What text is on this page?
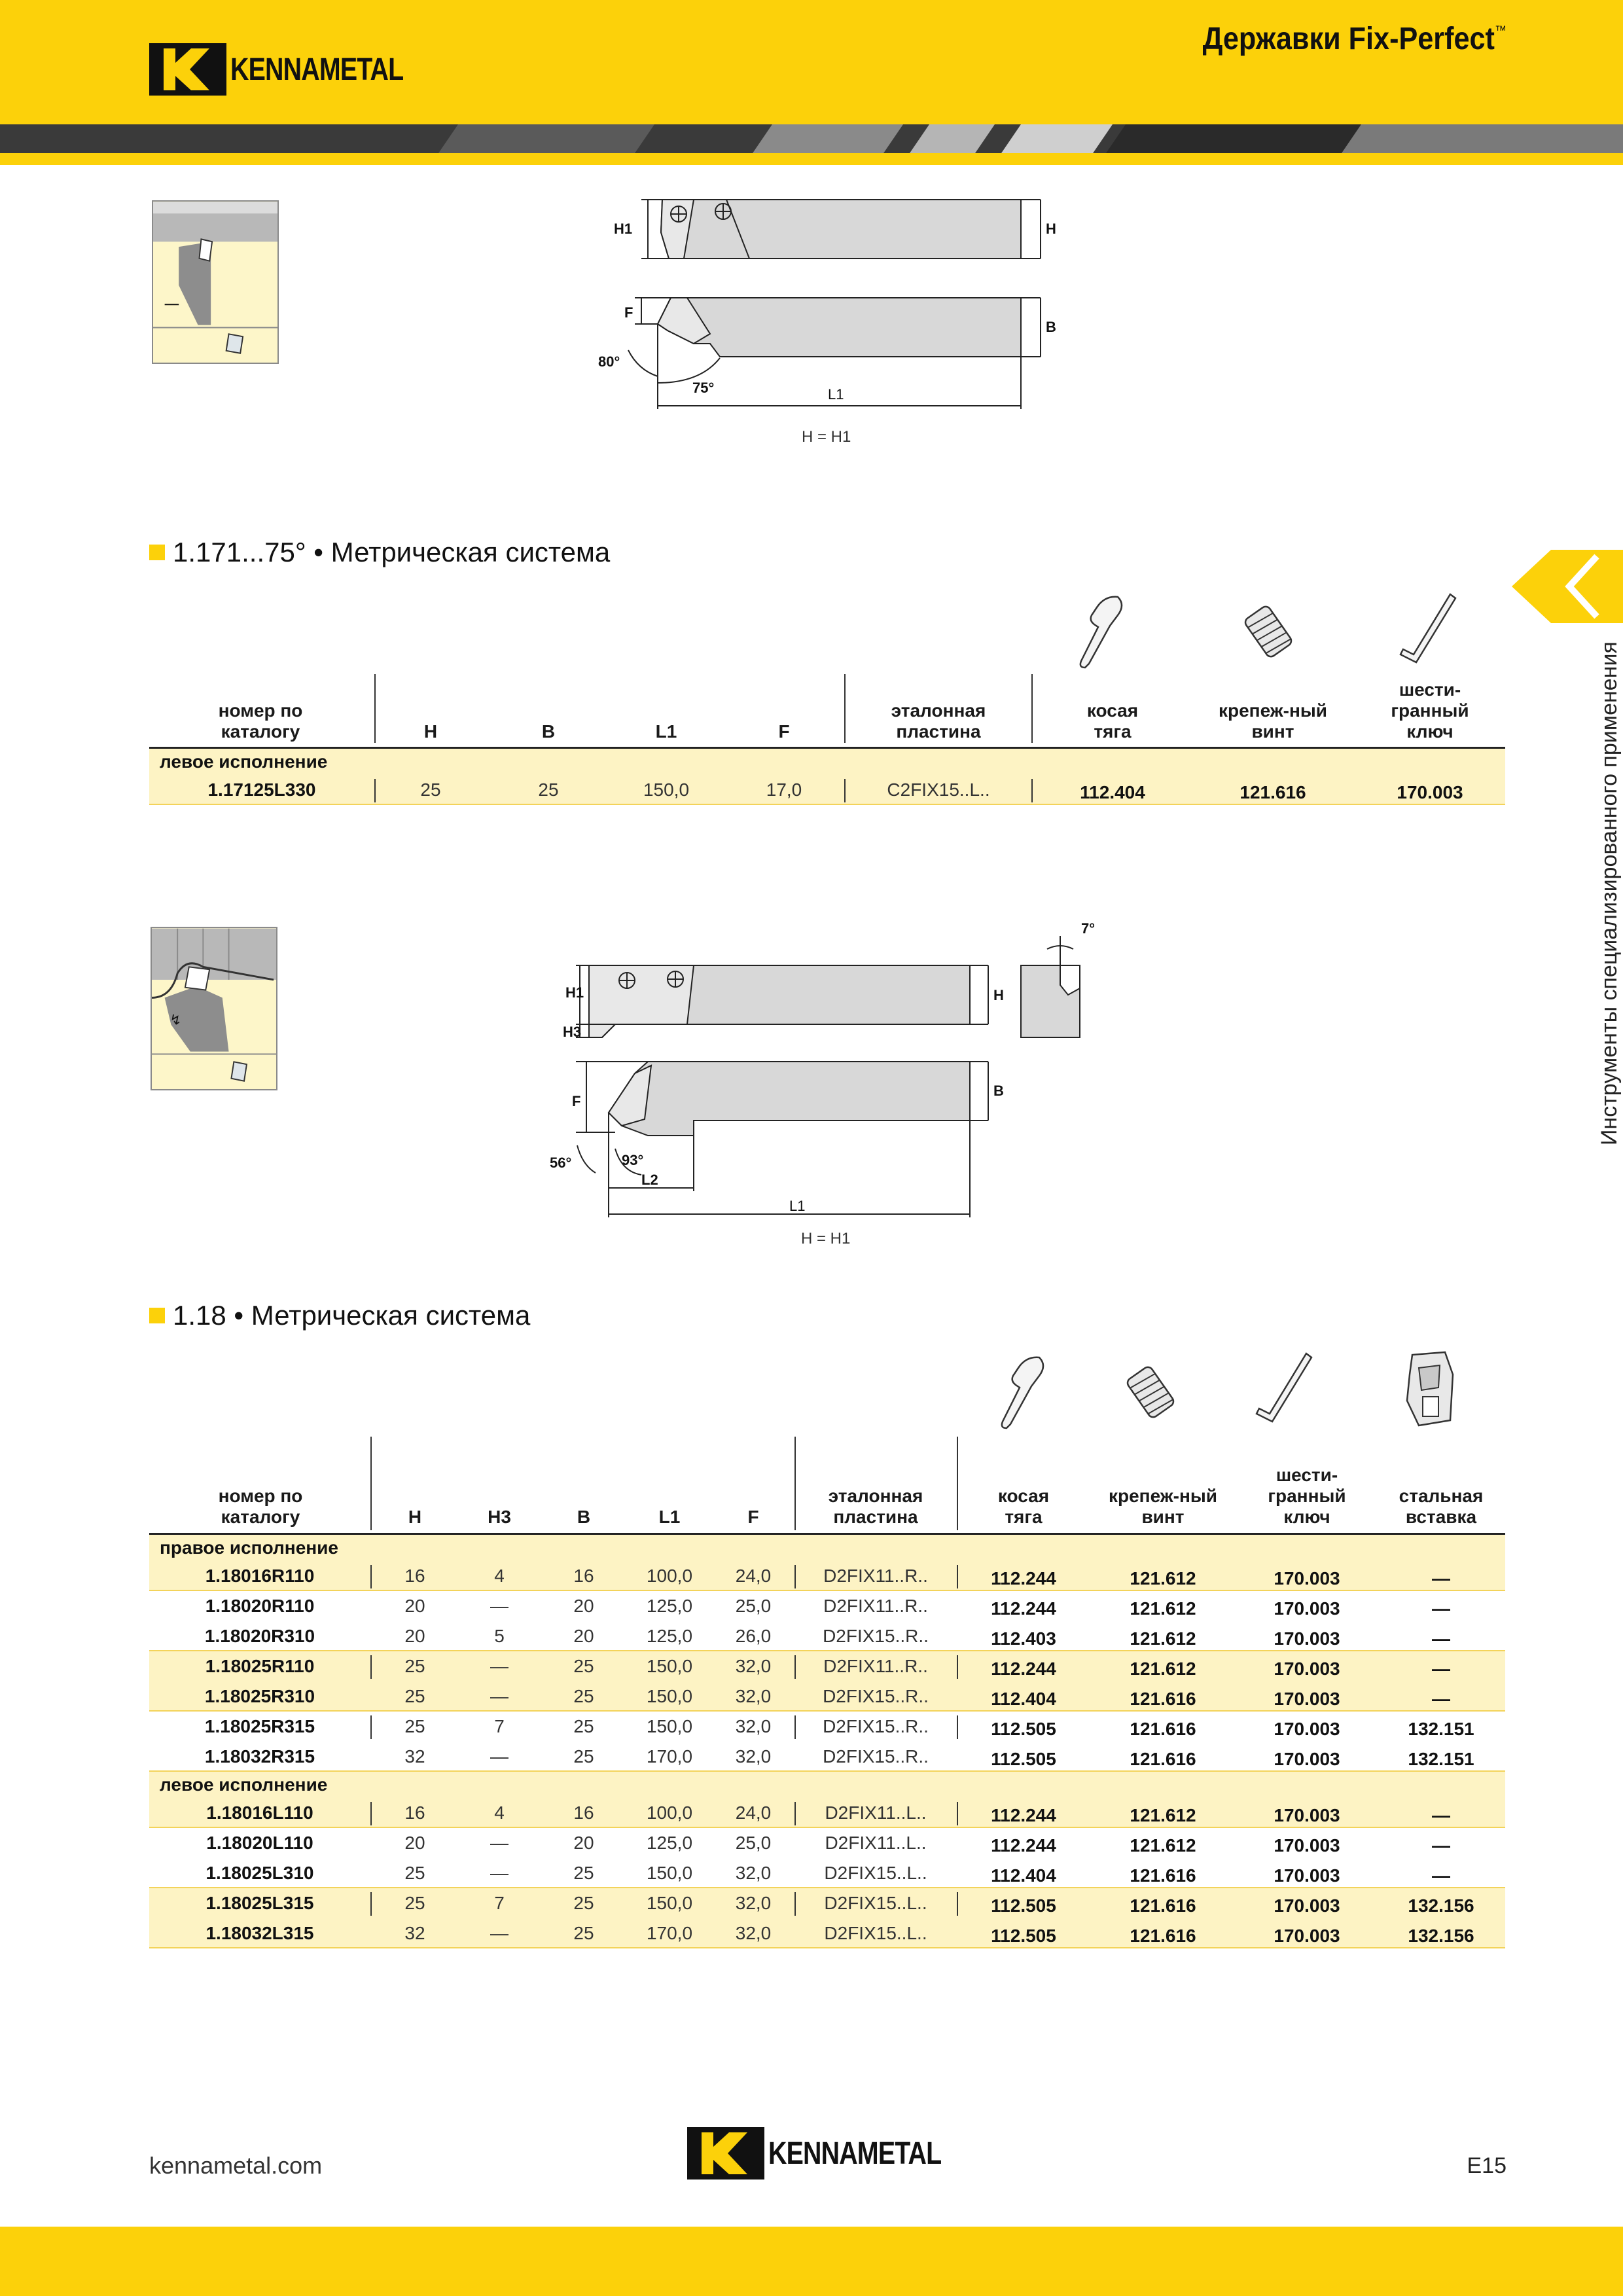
KENNAMETAL
Державки Fix-Perfect™
Инструменты специализированного применения
H1	H
F
B
80°
75°	L1
H = H1
1.171...75° • Метрическая система
номер по
каталогу	H	B	L1	F
эталонная
пластина
косая
тяга
крепеж-ный
винт
шести-
гранный
ключ
левое исполнение
1.17125L330	25	25	150,0	17,0	C2FIX15..L..	112.404	121.616	170.003
↯
H1
H3
H
F
B
7°
56°	93°
L2
L1
H = H1
1.18 • Метрическая система
номер по
каталогу	H	H3	B	L1	F
эталонная
пластина
косая
тяга
крепеж-ный
винт
шести-
гранный
ключ
стальная
вставка
правое исполнение
1.18016R110	16	4	16	100,0	24,0	D2FIX11..R..	112.244	121.612	170.003	—
1.18020R110	20	—	20	125,0	25,0	D2FIX11..R..	112.244	121.612	170.003	—
1.18020R310	20	5	20	125,0	26,0	D2FIX15..R..	112.403	121.612	170.003	—
1.18025R110	25	—	25	150,0	32,0	D2FIX11..R..	112.244	121.612	170.003	—
1.18025R310	25	—	25	150,0	32,0	D2FIX15..R..	112.404	121.616	170.003	—
1.18025R315	25	7	25	150,0	32,0	D2FIX15..R..	112.505	121.616	170.003	132.151
1.18032R315	32	—	25	170,0	32,0	D2FIX15..R..	112.505	121.616	170.003	132.151
левое исполнение
1.18016L110	16	4	16	100,0	24,0	D2FIX11..L..	112.244	121.612	170.003	—
1.18020L110	20	—	20	125,0	25,0	D2FIX11..L..	112.244	121.612	170.003	—
1.18025L310	25	—	25	150,0	32,0	D2FIX15..L..	112.404	121.616	170.003	—
1.18025L315	25	7	25	150,0	32,0	D2FIX15..L..	112.505	121.616	170.003	132.156
1.18032L315	32	—	25	170,0	32,0	D2FIX15..L..	112.505	121.616	170.003	132.156
kennametal.com	KENNAMETAL	E15
